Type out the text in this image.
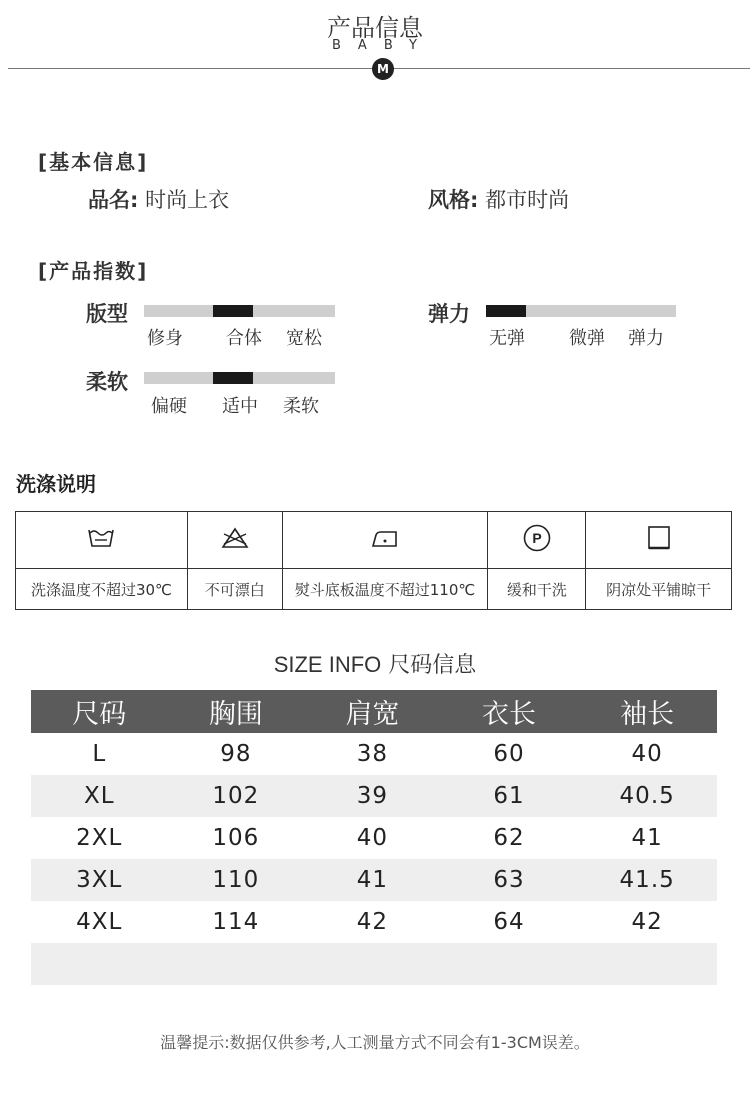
产品信息
BABY
M
[基本信息]
品名: 时尚上衣	风格: 都市时尚
[产品指数]
版型
修身 合体 宽松
弹力
无弹 微弹 弹力
柔软
偏硬 适中 柔软
洗涤说明

P

洗涤温度不超过30℃	不可漂白	熨斗底板温度不超过110℃	缓和干洗	阴凉处平铺晾干
SIZE INFO 尺码信息
尺码	胸围	肩宽	衣长	袖长
L	98	38	60	40
XL	102	39	61	40.5
2XL	106	40	62	41
3XL	110	41	63	41.5
4XL	114	42	64	42

温馨提示:数据仅供参考,人工测量方式不同会有1-3CM误差。
